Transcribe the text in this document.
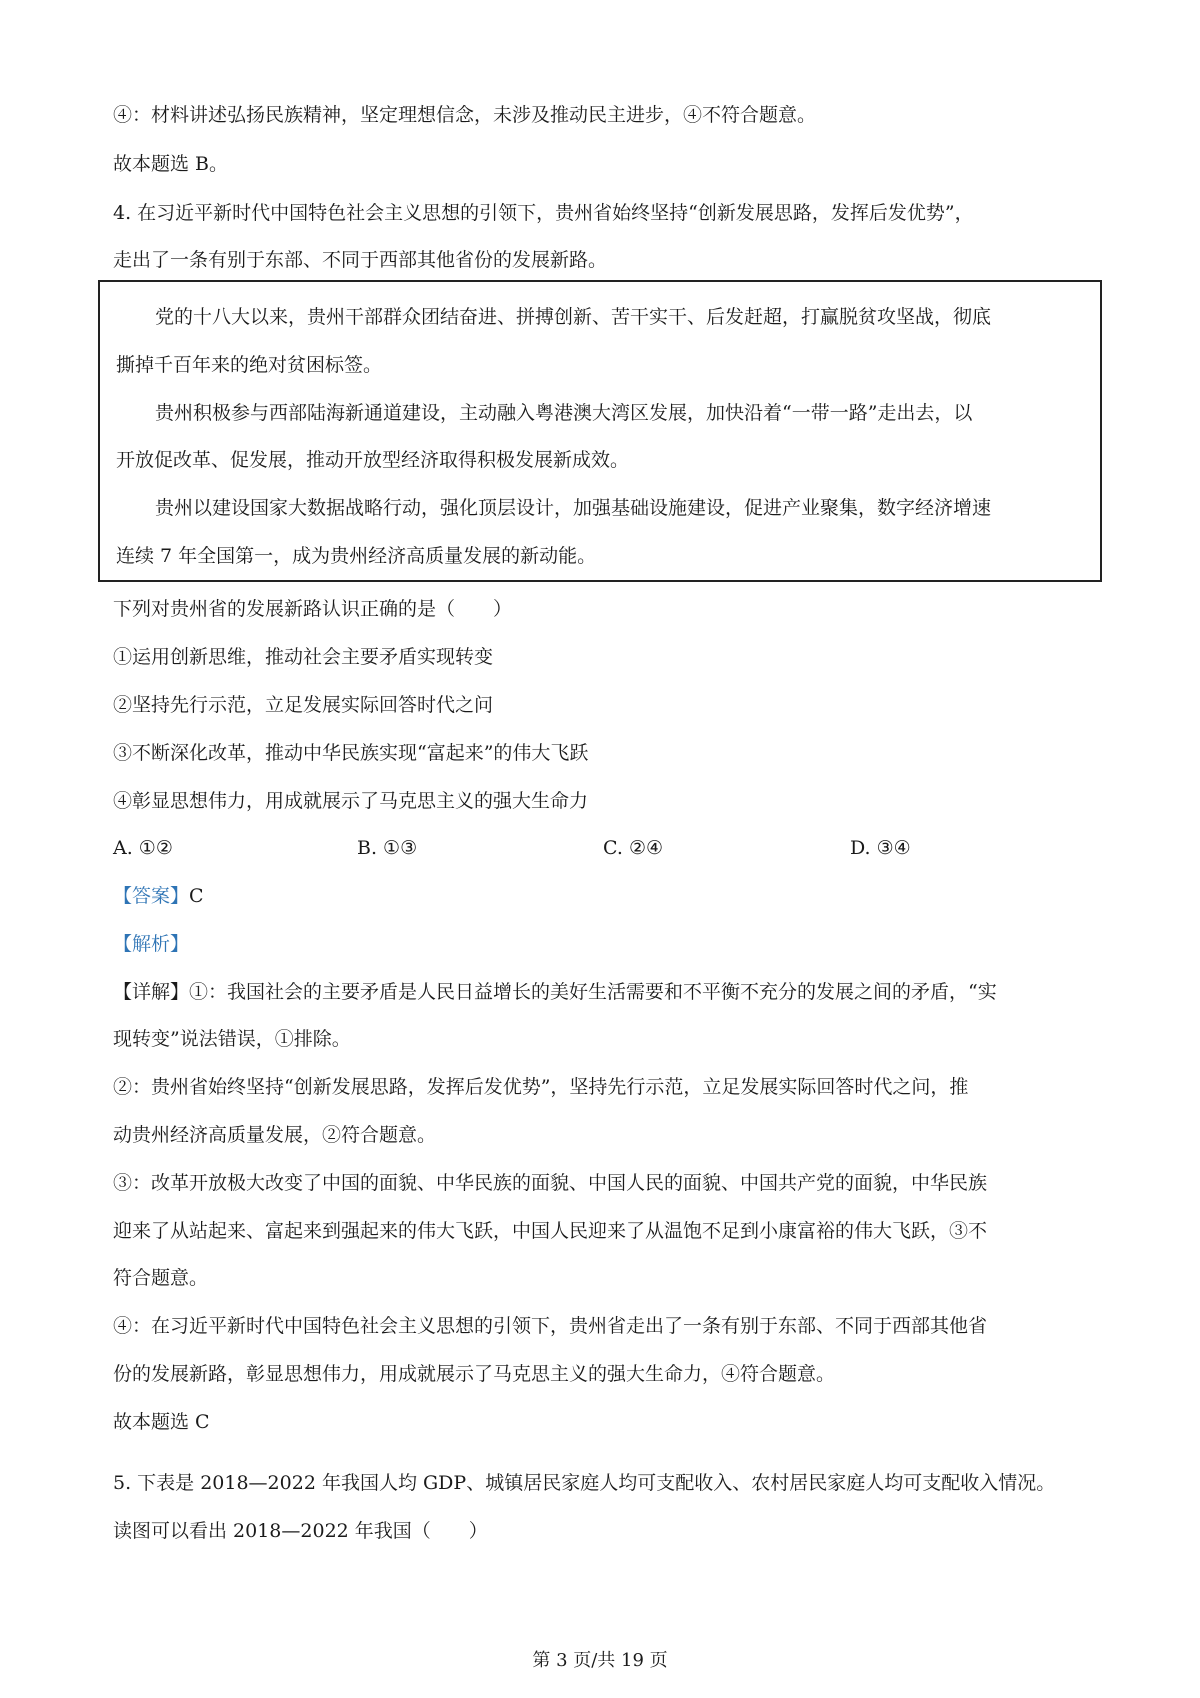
④：材料讲述弘扬民族精神，坚定理想信念，未涉及推动民主进步，④不符合题意。
故本题选 B。
4. 在习近平新时代中国特色社会主义思想的引领下，贵州省始终坚持“创新发展思路，发挥后发优势”，
走出了一条有别于东部、不同于西部其他省份的发展新路。
党的十八大以来，贵州干部群众团结奋进、拼搏创新、苦干实干、后发赶超，打赢脱贫攻坚战，彻底
撕掉千百年来的绝对贫困标签。
贵州积极参与西部陆海新通道建设，主动融入粤港澳大湾区发展，加快沿着“一带一路”走出去，以
开放促改革、促发展，推动开放型经济取得积极发展新成效。
贵州以建设国家大数据战略行动，强化顶层设计，加强基础设施建设，促进产业聚集，数字经济增速
连续 7 年全国第一，成为贵州经济高质量发展的新动能。
下列对贵州省的发展新路认识正确的是（　　）
①运用创新思维，推动社会主要矛盾实现转变
②坚持先行示范，立足发展实际回答时代之问
③不断深化改革，推动中华民族实现“富起来”的伟大飞跃
④彰显思想伟力，用成就展示了马克思主义的强大生命力
A. ①②	B. ①③	C. ②④	D. ③④
【答案】C
【解析】
【详解】①：我国社会的主要矛盾是人民日益增长的美好生活需要和不平衡不充分的发展之间的矛盾，“实
现转变”说法错误，①排除。
②：贵州省始终坚持“创新发展思路，发挥后发优势”，坚持先行示范，立足发展实际回答时代之问，推
动贵州经济高质量发展，②符合题意。
③：改革开放极大改变了中国的面貌、中华民族的面貌、中国人民的面貌、中国共产党的面貌，中华民族
迎来了从站起来、富起来到强起来的伟大飞跃，中国人民迎来了从温饱不足到小康富裕的伟大飞跃，③不
符合题意。
④：在习近平新时代中国特色社会主义思想的引领下，贵州省走出了一条有别于东部、不同于西部其他省
份的发展新路，彰显思想伟力，用成就展示了马克思主义的强大生命力，④符合题意。
故本题选 C
5. 下表是 2018—2022 年我国人均 GDP、城镇居民家庭人均可支配收入、农村居民家庭人均可支配收入情况。
读图可以看出 2018—2022 年我国（　　）
第 3 页/共 19 页
